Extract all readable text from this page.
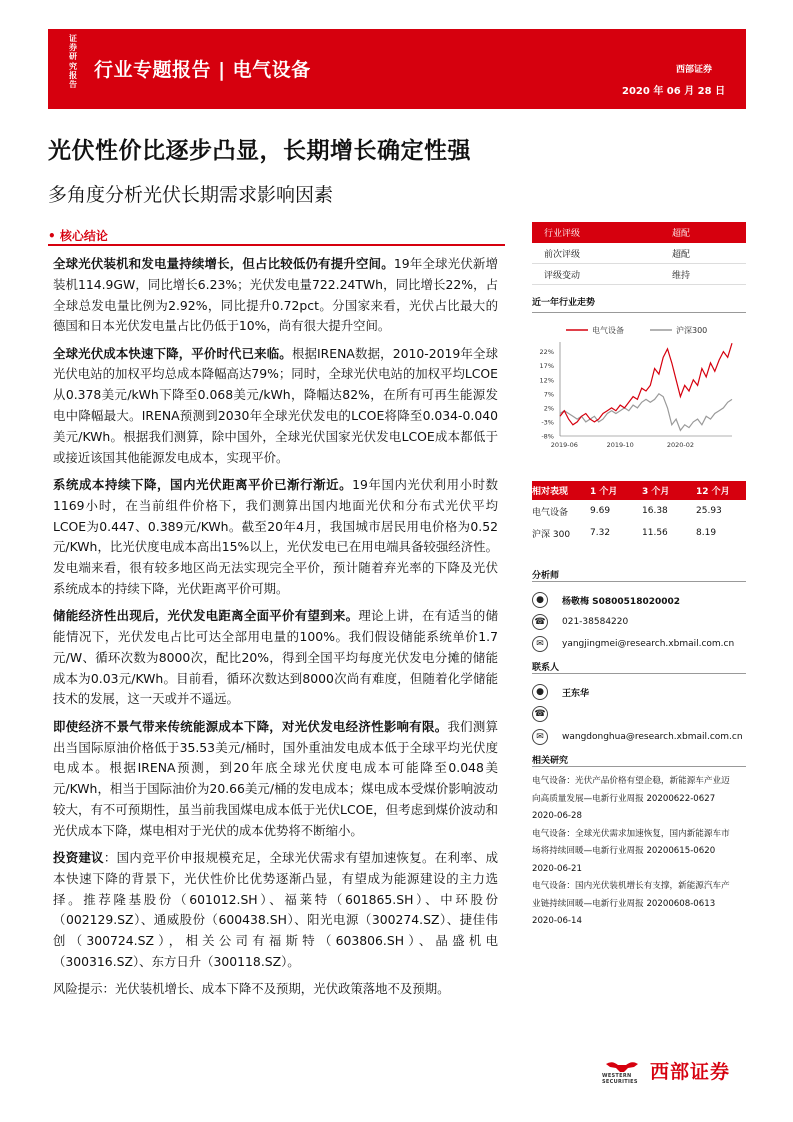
证
券
研
究
报
告
行业专题报告 | 电气设备	西部证券
2020 年 06 月 28 日
光伏性价比逐步凸显，长期增长确定性强
多角度分析光伏长期需求影响因素
• 核心结论

全球光伏装机和发电量持续增长，但占比较低仍有提升空间。19年全球光伏新增装机114.9GW，同比增长6.23%；光伏发电量722.24TWh，同比增长22%，占全球总发电量比例为2.92%，同比提升0.72pct。分国家来看，光伏占比最大的德国和日本光伏发电量占比仍低于10%，尚有很大提升空间。

全球光伏成本快速下降，平价时代已来临。根据IRENA数据，2010-2019年全球光伏电站的加权平均总成本降幅高达79%；同时，全球光伏电站的加权平均LCOE从0.378美元/kWh下降至0.068美元/kWh，降幅达82%，在所有可再生能源发电中降幅最大。IRENA预测到2030年全球光伏发电的LCOE将降至0.034-0.040美元/KWh。根据我们测算，除中国外，全球光伏国家光伏发电LCOE成本都低于或接近该国其他能源发电成本，实现平价。

系统成本持续下降，国内光伏距离平价已渐行渐近。19年国内光伏利用小时数1169小时，在当前组件价格下，我们测算出国内地面光伏和分布式光伏平均LCOE为0.447、0.389元/KWh。截至20年4月，我国城市居民用电价格为0.52元/KWh，比光伏度电成本高出15%以上，光伏发电已在用电端具备较强经济性。发电端来看，很有较多地区尚无法实现完全平价，预计随着弃光率的下降及光伏系统成本的持续下降，光伏距离平价可期。

储能经济性出现后，光伏发电距离全面平价有望到来。理论上讲，在有适当的储能情况下，光伏发电占比可达全部用电量的100%。我们假设储能系统单价1.7元/W、循环次数为8000次，配比20%，得到全国平均每度光伏发电分摊的储能成本为0.03元/KWh。目前看，循环次数达到8000次尚有难度，但随着化学储能技术的发展，这一天或并不遥远。

即使经济不景气带来传统能源成本下降，对光伏发电经济性影响有限。我们测算出当国际原油价格低于35.53美元/桶时，国外重油发电成本低于全球平均光伏度电成本。根据IRENA预测，到20年底全球光伏度电成本可能降至0.048美元/KWh，相当于国际油价为20.66美元/桶的发电成本；煤电成本受煤价影响波动较大，有不可预期性，虽当前我国煤电成本低于光伏LCOE，但考虑到煤价波动和光伏成本下降，煤电相对于光伏的成本优势将不断缩小。

投资建议：国内竞平价申报规模充足，全球光伏需求有望加速恢复。在利率、成本快速下降的背景下，光伏性价比优势逐渐凸显，有望成为能源建设的主力选择。推荐隆基股份（601012.SH）、福莱特（601865.SH）、中环股份（002129.SZ）、通威股份（600438.SH）、阳光电源（300274.SZ）、捷佳伟创（300724.SZ），相关公司有福斯特（603806.SH）、晶盛机电（300316.SZ）、东方日升（300118.SZ）。

风险提示：光伏装机增长、成本下降不及预期，光伏政策落地不及预期。

行业评级	超配
前次评级	超配
评级变动	维持
近一年行业走势
电气设备	沪深300
22%
17%
12%
7%
2%
-3%
-8%
2019-06	2019-10	2020-02
相对表现	1 个月	3 个月	12 个月
电气设备	9.69	16.38	25.93
沪深 300	7.32	11.56	8.19
分析师
●	杨敬梅 S0800518020002
☎ 021-38584220
✉	yangjingmei@research.xbmail.com.cn
联系人
●	王东华
☎
✉	wangdonghua@research.xbmail.com.cn
相关研究
电气设备：光伏产品价格有望企稳，新能源车产业迈
向高质量发展—电新行业周报 20200622-0627
2020-06-28
电气设备：全球光伏需求加速恢复，国内新能源车市
场将持续回暖—电新行业周报 20200615-0620
2020-06-21
电气设备：国内光伏装机增长有支撑，新能源汽车产
业链持续回暖—电新行业周报 20200608-0613
2020-06-14
WESTERN SECURITIES 西部证券
